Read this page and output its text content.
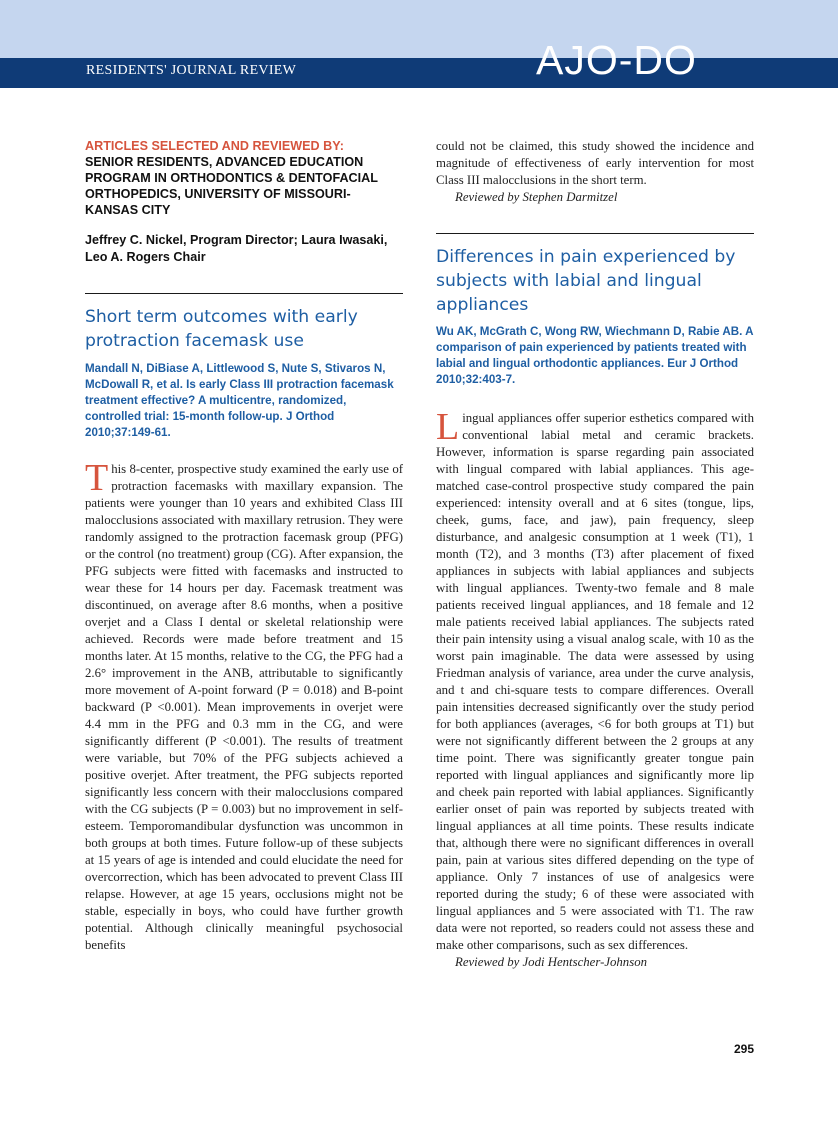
RESIDENTS' JOURNAL REVIEW	AJO-DO

ARTICLES SELECTED AND REVIEWED BY:

SENIOR RESIDENTS, ADVANCED EDUCATION PROGRAM IN ORTHODONTICS & DENTOFACIAL ORTHOPEDICS, UNIVERSITY OF MISSOURI-KANSAS CITY

Jeffrey C. Nickel, Program Director; Laura Iwasaki, Leo A. Rogers Chair

Short term outcomes with early protraction facemask use

Mandall N, DiBiase A, Littlewood S, Nute S, Stivaros N, McDowall R, et al. Is early Class III protraction facemask treatment effective? A multicentre, randomized, controlled trial: 15-month follow-up. J Orthod 2010;37:149-61.

This 8-center, prospective study examined the early use of protraction facemasks with maxillary expansion. The patients were younger than 10 years and exhibited Class III malocclusions associated with maxillary retrusion. They were randomly assigned to the protraction facemask group (PFG) or the control (no treatment) group (CG). After expansion, the PFG subjects were fitted with facemasks and instructed to wear these for 14 hours per day. Facemask treatment was discontinued, on average after 8.6 months, when a positive overjet and a Class I dental or skeletal relationship were achieved. Records were made before treatment and 15 months later. At 15 months, relative to the CG, the PFG had a 2.6° improvement in the ANB, attributable to significantly more movement of A-point forward (P = 0.018) and B-point backward (P <0.001). Mean improvements in overjet were 4.4 mm in the PFG and 0.3 mm in the CG, and were significantly different (P <0.001). The results of treatment were variable, but 70% of the PFG subjects achieved a positive overjet. After treatment, the PFG subjects reported significantly less concern with their malocclusions compared with the CG subjects (P = 0.003) but no improvement in self-esteem. Temporomandibular dysfunction was uncommon in both groups at both times. Future follow-up of these subjects at 15 years of age is intended and could elucidate the need for overcorrection, which has been advocated to prevent Class III relapse. However, at age 15 years, occlusions might not be stable, especially in boys, who could have further growth potential. Although clinically meaningful psychosocial benefits

could not be claimed, this study showed the incidence and magnitude of effectiveness of early intervention for most Class III malocclusions in the short term.

Reviewed by Stephen Darmitzel

Differences in pain experienced by subjects with labial and lingual appliances

Wu AK, McGrath C, Wong RW, Wiechmann D, Rabie AB. A comparison of pain experienced by patients treated with labial and lingual orthodontic appliances. Eur J Orthod 2010;32:403-7.

Lingual appliances offer superior esthetics compared with conventional labial metal and ceramic brackets. However, information is sparse regarding pain associated with lingual compared with labial appliances. This age-matched case-control prospective study compared the pain experienced: intensity overall and at 6 sites (tongue, lips, cheek, gums, face, and jaw), pain frequency, sleep disturbance, and analgesic consumption at 1 week (T1), 1 month (T2), and 3 months (T3) after placement of fixed appliances in subjects with labial appliances and subjects with lingual appliances. Twenty-two female and 8 male patients received lingual appliances, and 18 female and 12 male patients received labial appliances. The subjects rated their pain intensity using a visual analog scale, with 10 as the worst pain imaginable. The data were assessed by using Friedman analysis of variance, area under the curve analysis, and t and chi-square tests to compare differences. Overall pain intensities decreased significantly over the study period for both appliances (averages, <6 for both groups at T1) but were not significantly different between the 2 groups at any time point. There was significantly greater tongue pain reported with lingual appliances and significantly more lip and cheek pain reported with labial appliances. Significantly earlier onset of pain was reported by subjects treated with lingual appliances at all time points. These results indicate that, although there were no significant differences in overall pain, pain at various sites differed depending on the type of appliance. Only 7 instances of use of analgesics were reported during the study; 6 of these were associated with lingual appliances and 5 were associated with T1. The raw data were not reported, so readers could not assess these and make other comparisons, such as sex differences.

Reviewed by Jodi Hentscher-Johnson

295
